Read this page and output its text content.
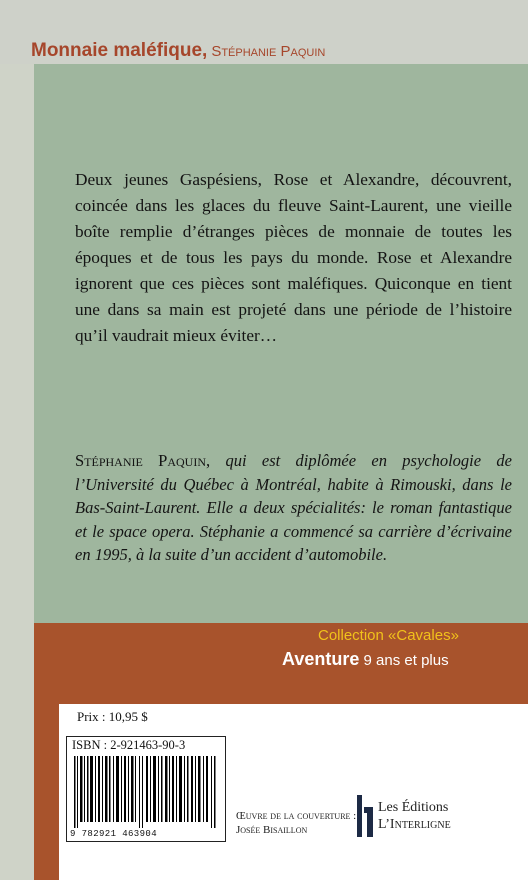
Monnaie maléfique, Stéphanie Paquin
Deux jeunes Gaspésiens, Rose et Alexandre, découvrent, coincée dans les glaces du fleuve Saint-Laurent, une vieille boîte remplie d’étranges pièces de monnaie de toutes les époques et de tous les pays du monde. Rose et Alexandre ignorent que ces pièces sont maléfiques. Quiconque en tient une dans sa main est projeté dans une période de l’histoire qu’il vaudrait mieux éviter…
Stéphanie Paquin, qui est diplômée en psychologie de l’Université du Québec à Montréal, habite à Rimouski, dans le Bas-Saint-Laurent. Elle a deux spécialités: le roman fantastique et le space opera. Stéphanie a commencé sa carrière d’écrivaine en 1995, à la suite d’un accident d’automobile.
Collection «Cavales»
Aventure 9 ans et plus
Prix : 10,95 $
ISBN : 2-921463-90-3
9 782921 463904
Œuvre de la couverture :
Josée Bisaillon
Les Éditions
L’Interligne
